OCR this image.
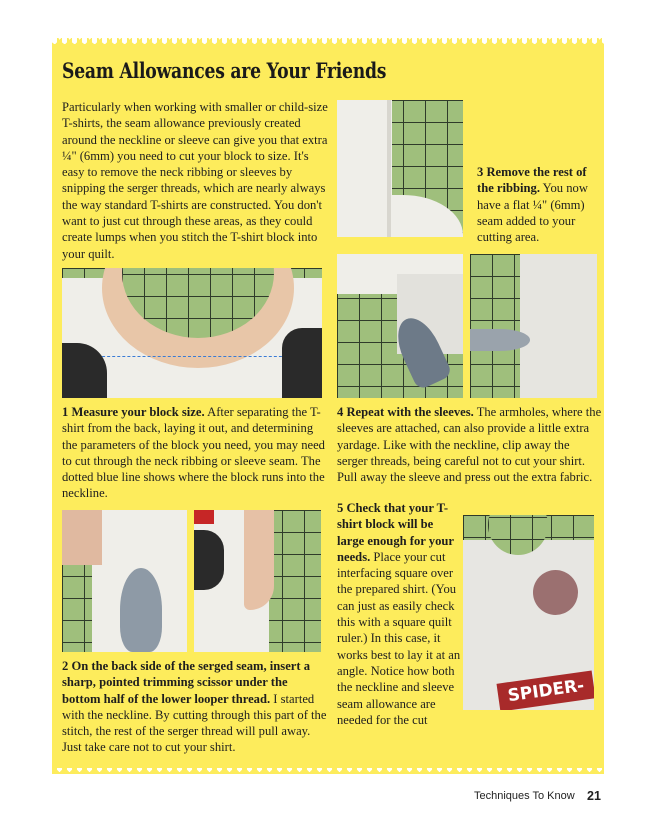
Seam Allowances are Your Friends
Particularly when working with smaller or child-size T-shirts, the seam allowance previously created around the neckline or sleeve can give you that extra ¼" (6mm) you need to cut your block to size. It's easy to remove the neck ribbing or sleeves by snipping the serger threads, which are nearly always the way standard T-shirts are constructed. You don't want to just cut through these areas, as they could create lumps when you stitch the T-shirt block into your quilt.
3 Remove the rest of the ribbing. You now have a flat ¼" (6mm) seam added to your cutting area.
1 Measure your block size. After separating the T-shirt from the back, laying it out, and determining the parameters of the block you need, you may need to cut through the neck ribbing or sleeve seam. The dotted blue line shows where the block runs into the neckline.
4 Repeat with the sleeves. The armholes, where the sleeves are attached, can also provide a little extra yardage. Like with the neckline, clip away the serger threads, being careful not to cut your shirt. Pull away the sleeve and press out the extra fabric.
5 Check that your T-shirt block will be large enough for your needs. Place your cut interfacing square over the prepared shirt. (You can just as easily check this with a square quilt ruler.) In this case, it works best to lay it at an angle. Notice how both the neckline and sleeve seam allowance are needed for the cut
SPIDER-
2 On the back side of the serged seam, insert a sharp, pointed trimming scissor under the bottom half of the lower looper thread. I started with the neckline. By cutting through this part of the stitch, the rest of the serger thread will pull away. Just take care not to cut your shirt.
Techniques To Know 21
